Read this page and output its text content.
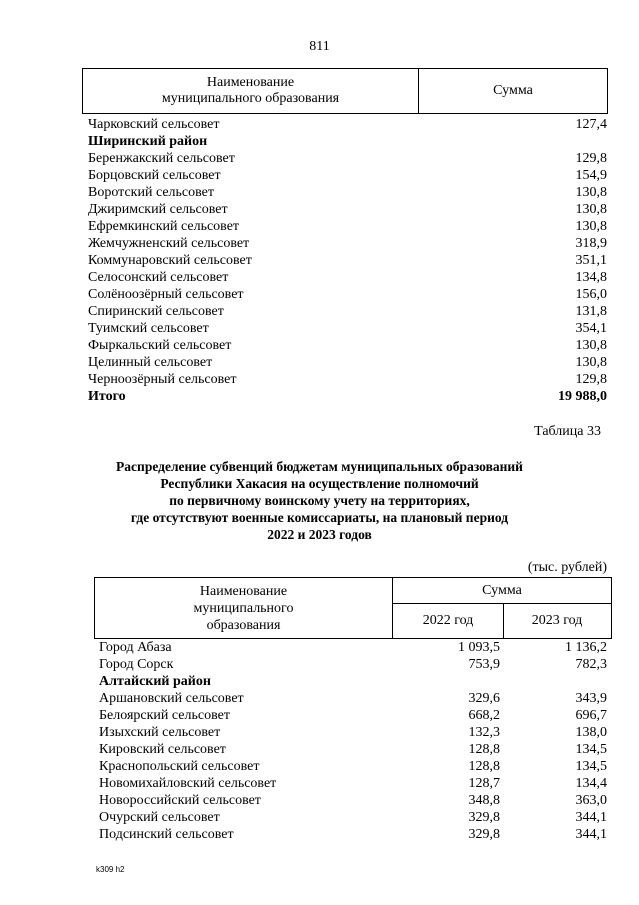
811
Наименование
муниципального образования
Сумма
Чарковский сельсовет	127,4
Ширинский район
Беренжакский сельсовет	129,8
Борцовский сельсовет	154,9
Воротский сельсовет	130,8
Джиримский сельсовет	130,8
Ефремкинский сельсовет	130,8
Жемчужненский сельсовет	318,9
Коммунаровский сельсовет	351,1
Селосонский сельсовет	134,8
Солёноозёрный сельсовет	156,0
Спиринский сельсовет	131,8
Туимский сельсовет	354,1
Фыркальский сельсовет	130,8
Целинный сельсовет	130,8
Черноозёрный сельсовет	129,8
Итого	19 988,0
Таблица 33
Распределение субвенций бюджетам муниципальных образований
Республики Хакасия на осуществление полномочий
по первичному воинскому учету на территориях,
где отсутствуют военные комиссариаты, на плановый период
2022 и 2023 годов
(тыс. рублей)
Наименование
муниципального
образования
Сумма
2022 год	2023 год
Город Абаза	1 093,5	1 136,2
Город Сорск	753,9	782,3
Алтайский район
Аршановский сельсовет	329,6	343,9
Белоярский сельсовет	668,2	696,7
Изыхский сельсовет	132,3	138,0
Кировский сельсовет	128,8	134,5
Краснопольский сельсовет	128,8	134,5
Новомихайловский сельсовет	128,7	134,4
Новороссийский сельсовет	348,8	363,0
Очурский сельсовет	329,8	344,1
Подсинский сельсовет	329,8	344,1
k309 h2
